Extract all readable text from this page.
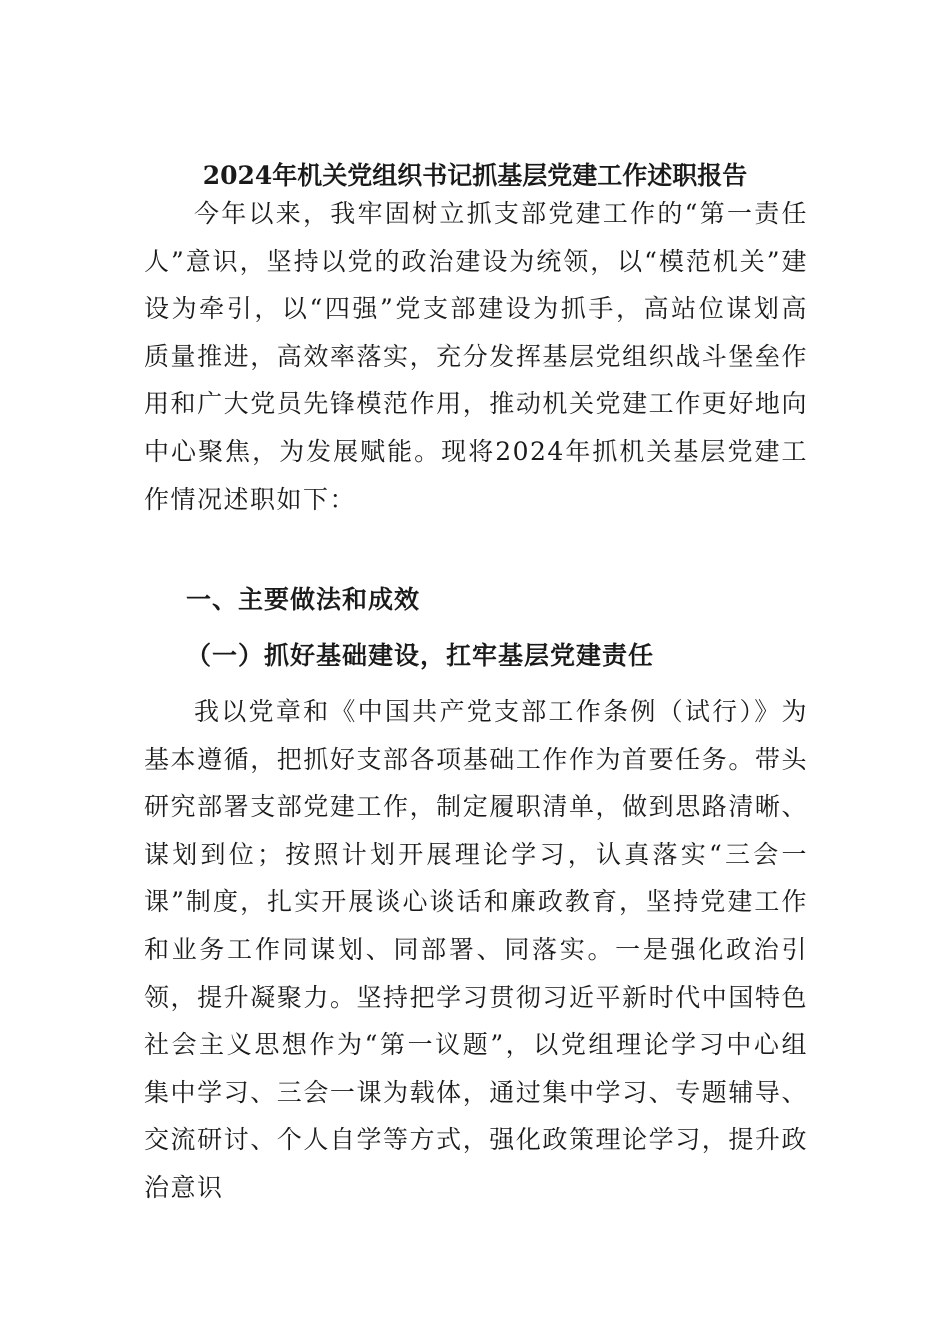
2024年机关党组织书记抓基层党建工作述职报告

今年以来，我牢固树立抓支部党建工作的“第一责任人”意识，坚持以党的政治建设为统领，以“模范机关”建设为牵引，以“四强”党支部建设为抓手，高站位谋划高质量推进，高效率落实，充分发挥基层党组织战斗堡垒作用和广大党员先锋模范作用，推动机关党建工作更好地向中心聚焦，为发展赋能。现将2024年抓机关基层党建工作情况述职如下：

一、主要做法和成效
（一）抓好基础建设，扛牢基层党建责任

我以党章和《中国共产党支部工作条例（试行）》为基本遵循，把抓好支部各项基础工作作为首要任务。带头研究部署支部党建工作，制定履职清单，做到思路清晰、谋划到位；按照计划开展理论学习，认真落实“三会一课”制度，扎实开展谈心谈话和廉政教育，坚持党建工作和业务工作同谋划、同部署、同落实。一是强化政治引领，提升凝聚力。坚持把学习贯彻习近平新时代中国特色社会主义思想作为“第一议题”，以党组理论学习中心组集中学习、三会一课为载体，通过集中学习、专题辅导、交流研讨、个人自学等方式，强化政策理论学习，提升政治意识
